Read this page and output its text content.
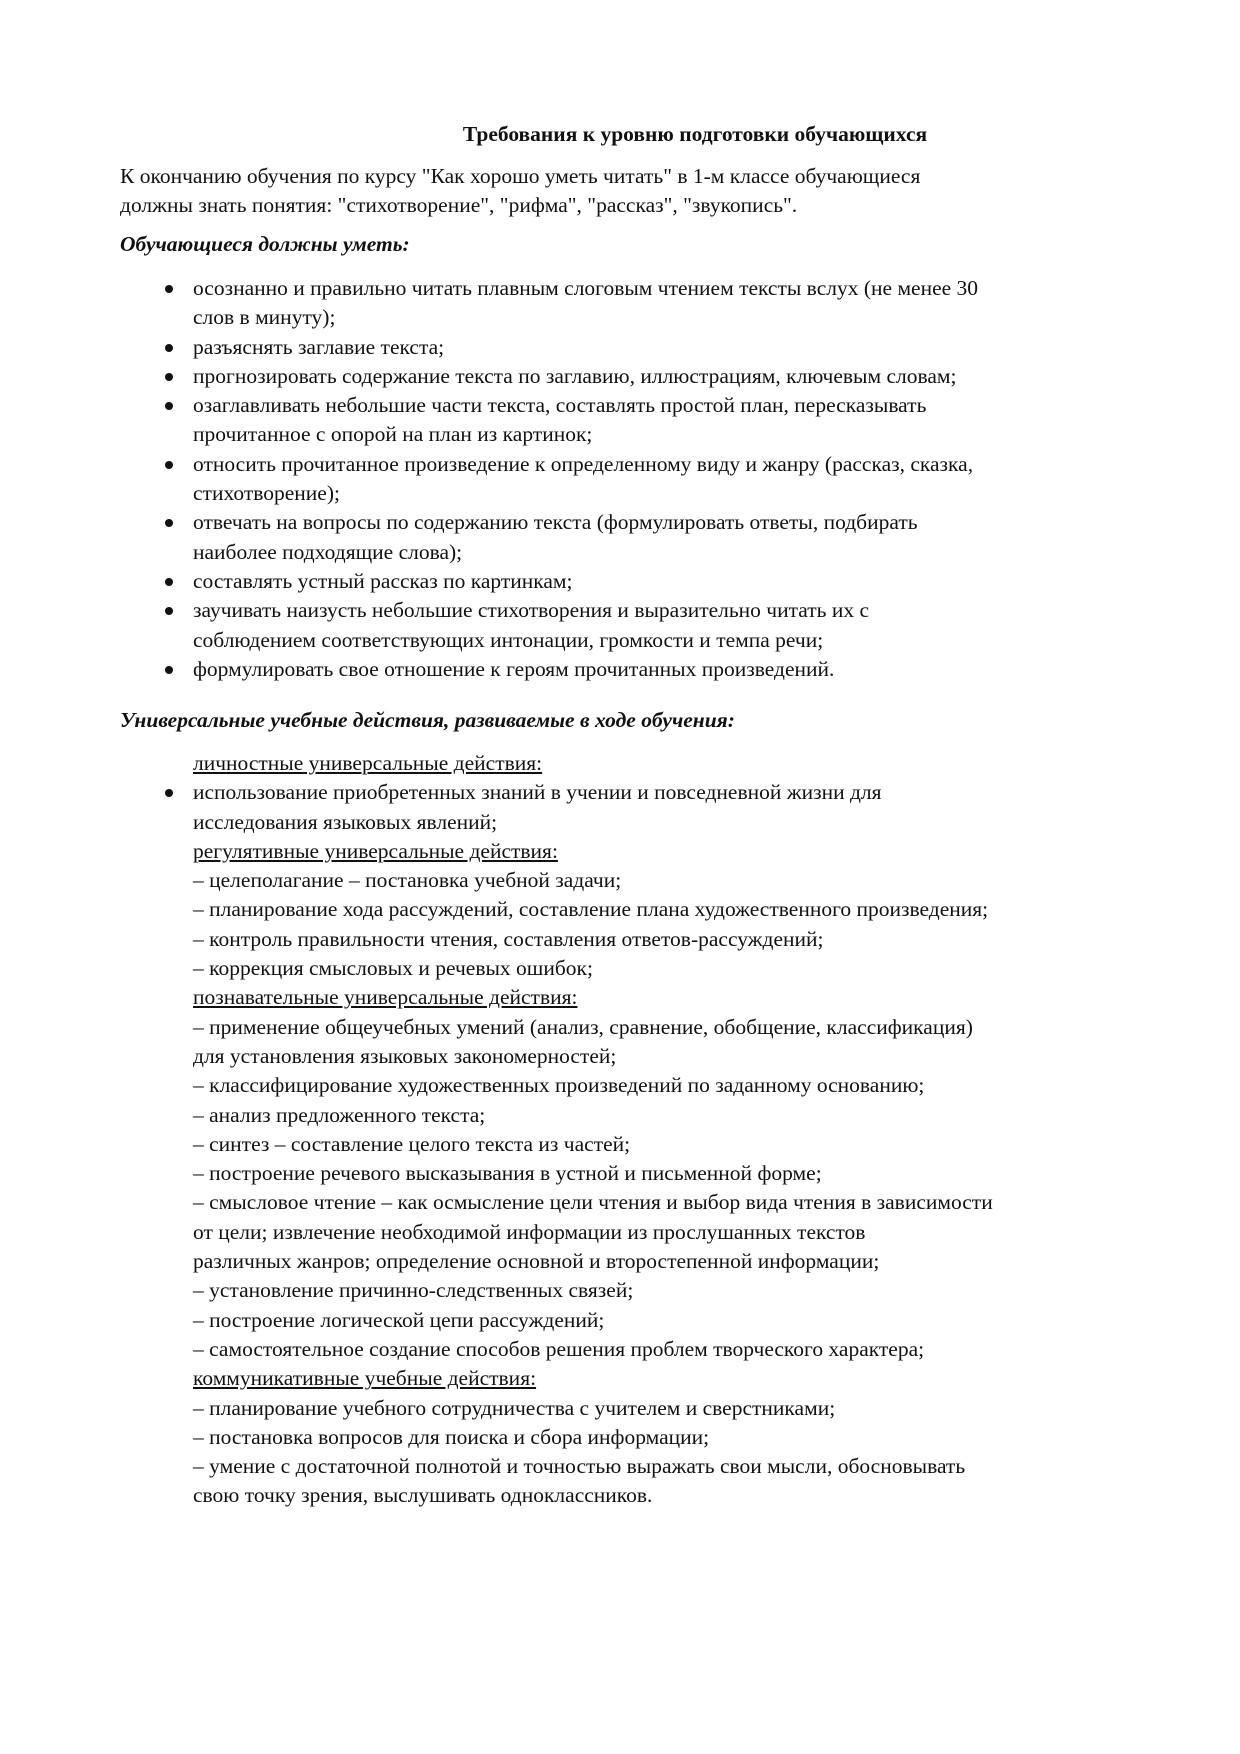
Требования к уровню подготовки обучающихся
К окончанию обучения по курсу "Как хорошо уметь читать" в 1-м классе обучающиеся
должны знать понятия: "стихотворение", "рифма", "рассказ", "звукопись".
Обучающиеся должны уметь:
осознанно и правильно читать плавным слоговым чтением тексты вслух (не менее 30
слов в минуту);
разъяснять заглавие текста;
прогнозировать содержание текста по заглавию, иллюстрациям, ключевым словам;
озаглавливать небольшие части текста, составлять простой план, пересказывать
прочитанное с опорой на план из картинок;
относить прочитанное произведение к определенному виду и жанру (рассказ, сказка,
стихотворение);
отвечать на вопросы по содержанию текста (формулировать ответы, подбирать
наиболее подходящие слова);
составлять устный рассказ по картинкам;
заучивать наизусть небольшие стихотворения и выразительно читать их с
соблюдением соответствующих интонации, громкости и темпа речи;
формулировать свое отношение к героям прочитанных произведений.
Универсальные учебные действия, развиваемые в ходе обучения:
личностные универсальные действия:
использование приобретенных знаний в учении и повседневной жизни для
исследования языковых явлений;
регулятивные универсальные действия:
– целеполагание – постановка учебной задачи;
– планирование хода рассуждений, составление плана художественного произведения;
– контроль правильности чтения, составления ответов-рассуждений;
– коррекция смысловых и речевых ошибок;
познавательные универсальные действия:
– применение общеучебных умений (анализ, сравнение, обобщение, классификация)
для установления языковых закономерностей;
– классифицирование художественных произведений по заданному основанию;
– анализ предложенного текста;
– синтез – составление целого текста из частей;
– построение речевого высказывания в устной и письменной форме;
– смысловое чтение – как осмысление цели чтения и выбор вида чтения в зависимости
от цели; извлечение необходимой информации из прослушанных текстов
различных жанров; определение основной и второстепенной информации;
– установление причинно-следственных связей;
– построение логической цепи рассуждений;
– самостоятельное создание способов решения проблем творческого характера;
коммуникативные учебные действия:
– планирование учебного сотрудничества с учителем и сверстниками;
– постановка вопросов для поиска и сбора информации;
– умение с достаточной полнотой и точностью выражать свои мысли, обосновывать
свою точку зрения, выслушивать одноклассников.
